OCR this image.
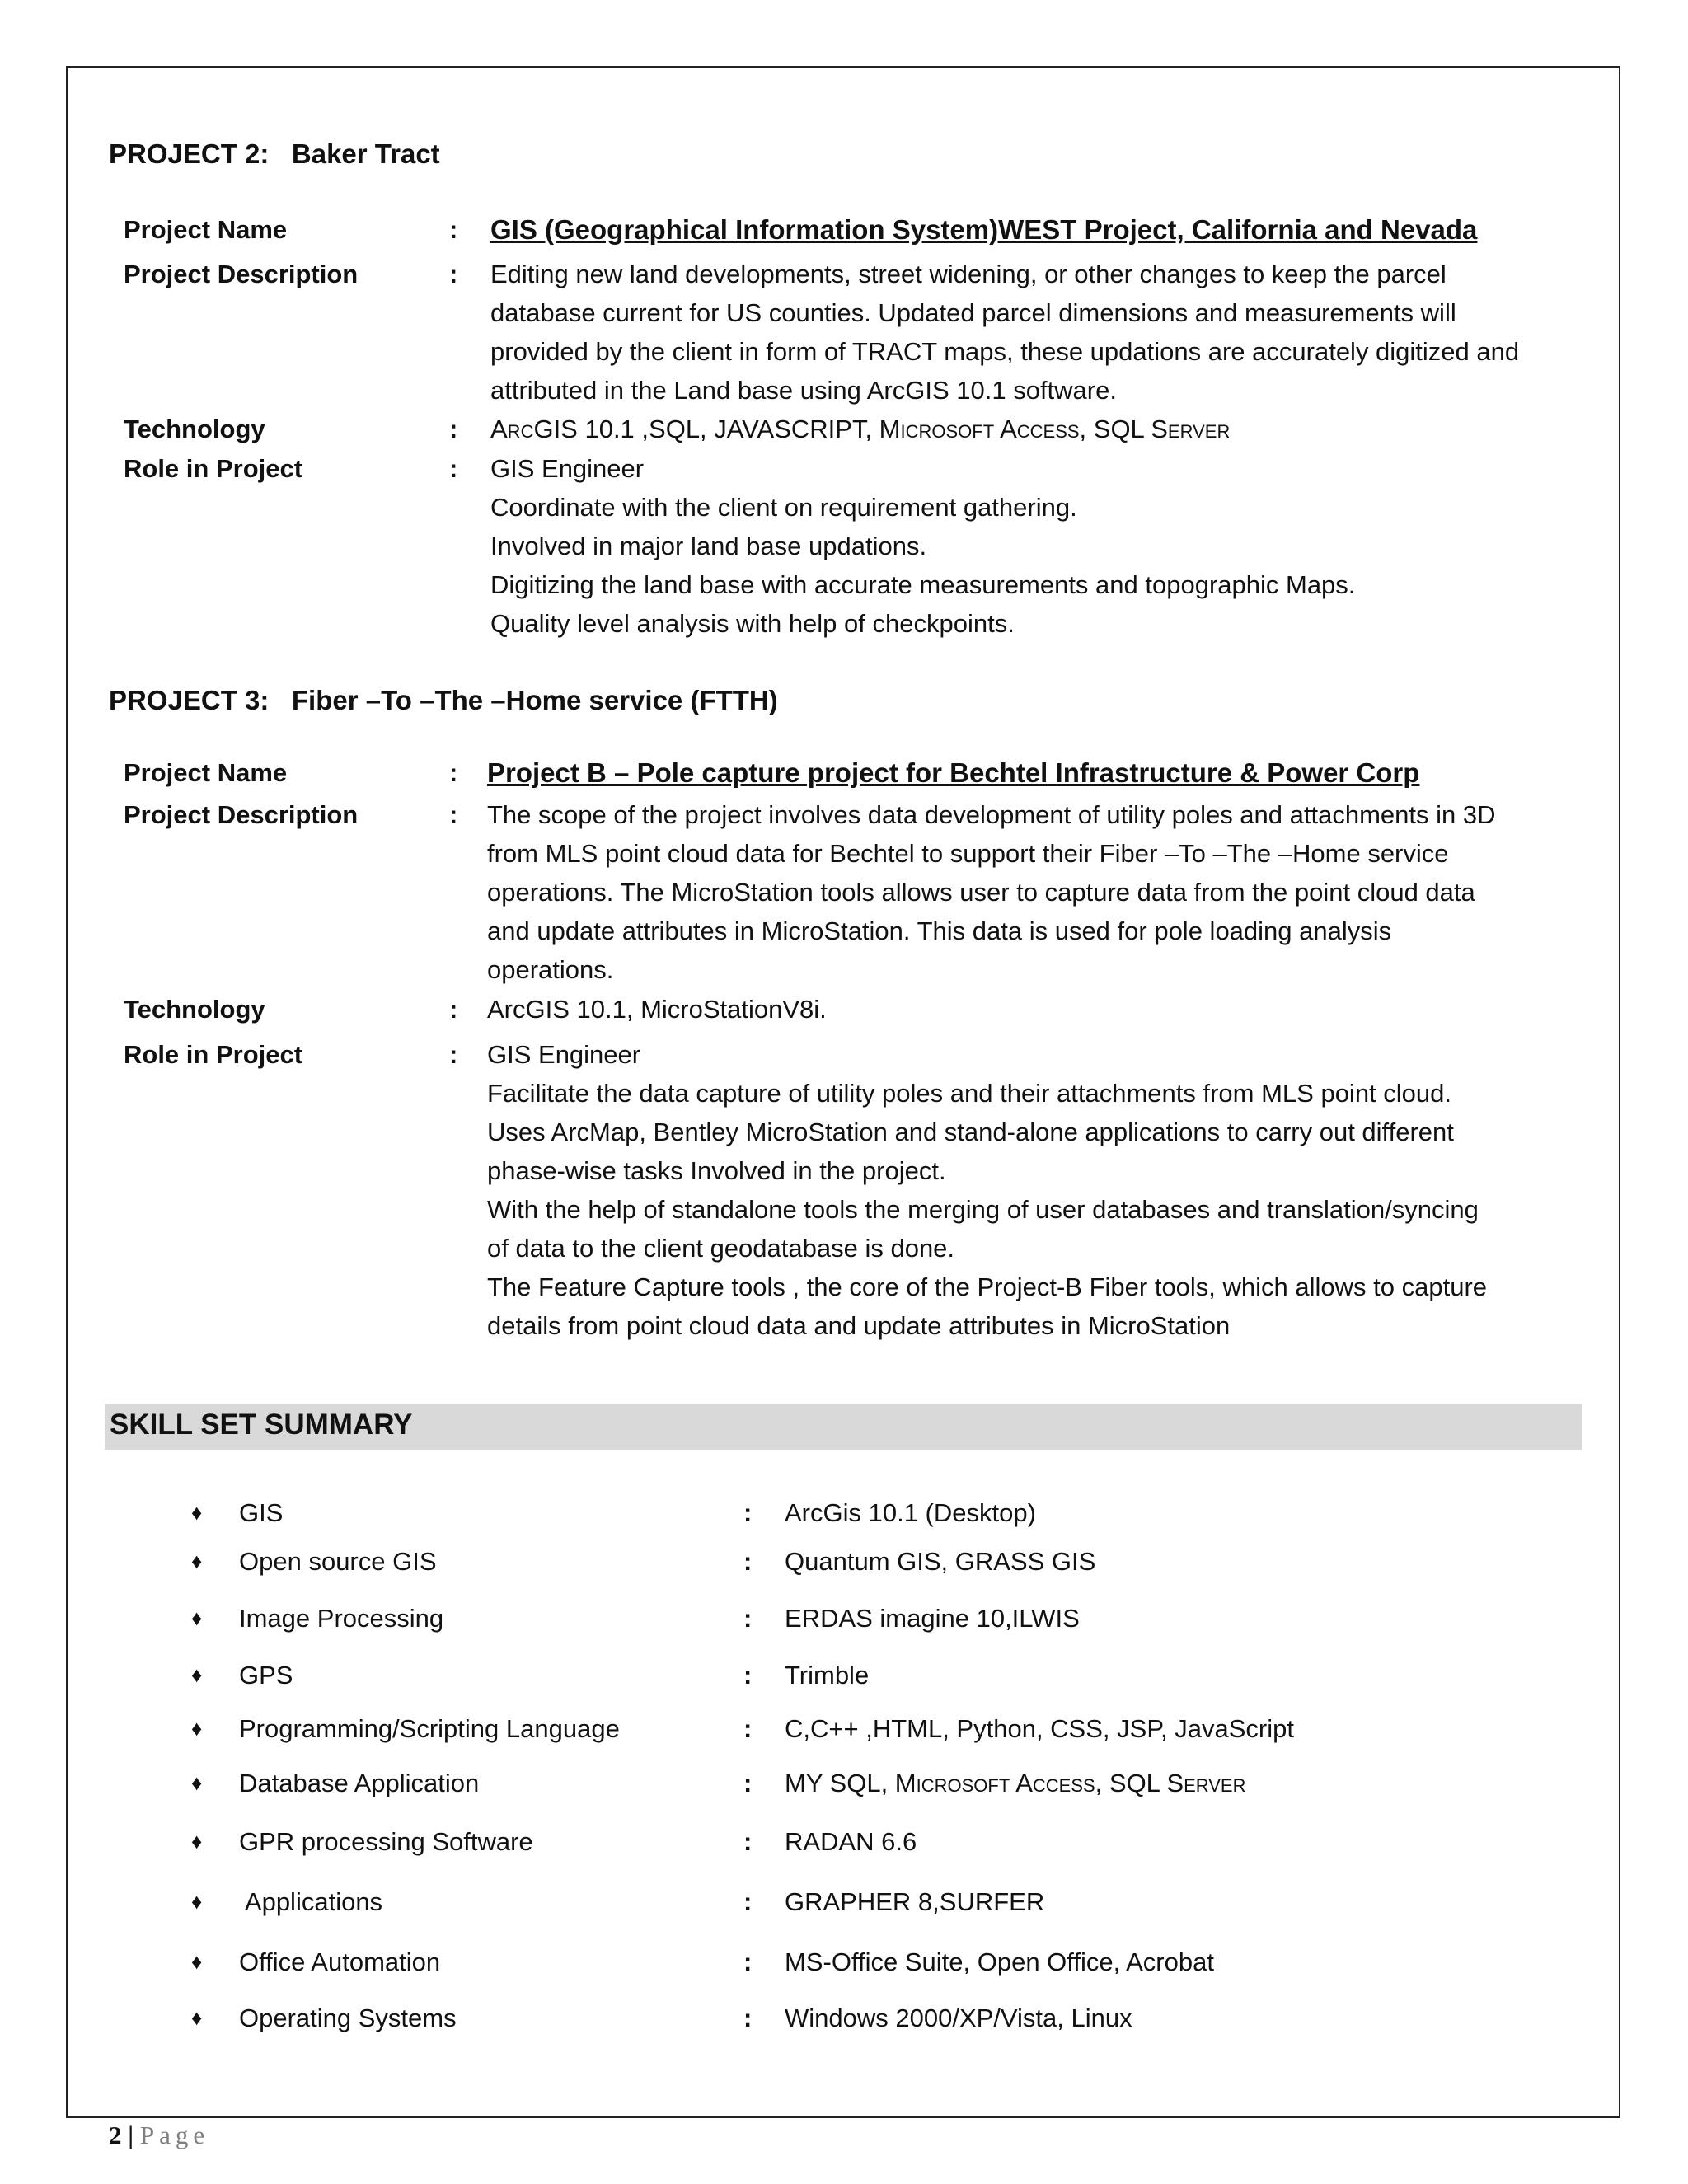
PROJECT 2:   Baker Tract
Project Name	: GIS (Geographical Information System)WEST Project, California and Nevada
Project Description	: Editing new land developments, street widening, or other changes to keep the parcel
database current for US counties. Updated parcel dimensions and measurements will
provided by the client in form of TRACT maps, these updations are accurately digitized and
attributed in the Land base using ArcGIS 10.1 software.
Technology	: ArcGIS 10.1 ,SQL, JAVASCRIPT, Microsoft Access, SQL Server
Role in Project	: GIS Engineer
Coordinate with the client on requirement gathering.
Involved in major land base updations.
Digitizing the land base with accurate measurements and topographic Maps.
Quality level analysis with help of checkpoints.
PROJECT 3:   Fiber –To –The –Home service (FTTH)
Project Name	: Project B – Pole capture project for Bechtel Infrastructure & Power Corp
Project Description	: The scope of the project involves data development of utility poles and attachments in 3D
from MLS point cloud data for Bechtel to support their Fiber –To –The –Home service
operations. The MicroStation tools allows user to capture data from the point cloud data
and update attributes in MicroStation. This data is used for pole loading analysis
operations.
Technology	: ArcGIS 10.1, MicroStationV8i.
Role in Project	: GIS Engineer
Facilitate the data capture of utility poles and their attachments from MLS point cloud.
Uses ArcMap, Bentley MicroStation and stand-alone applications to carry out different
phase-wise tasks Involved in the project.
With the help of standalone tools the merging of user databases and translation/syncing
of data to the client geodatabase is done.
The Feature Capture tools , the core of the Project-B Fiber tools, which allows to capture
details from point cloud data and update attributes in MicroStation
SKILL SET SUMMARY
♦ GIS	: ArcGis 10.1 (Desktop)
♦ Open source GIS	: Quantum GIS, GRASS GIS
♦ Image Processing	: ERDAS imagine 10,ILWIS
♦ GPS	: Trimble
♦ Programming/Scripting Language	: C,C++ ,HTML, Python, CSS, JSP, JavaScript
♦ Database Application	: MY SQL, Microsoft Access, SQL Server
♦ GPR processing Software	: RADAN 6.6
♦ Applications	: GRAPHER 8,SURFER
♦ Office Automation	: MS-Office Suite, Open Office, Acrobat
♦ Operating Systems	: Windows 2000/XP/Vista, Linux
2 | Page
